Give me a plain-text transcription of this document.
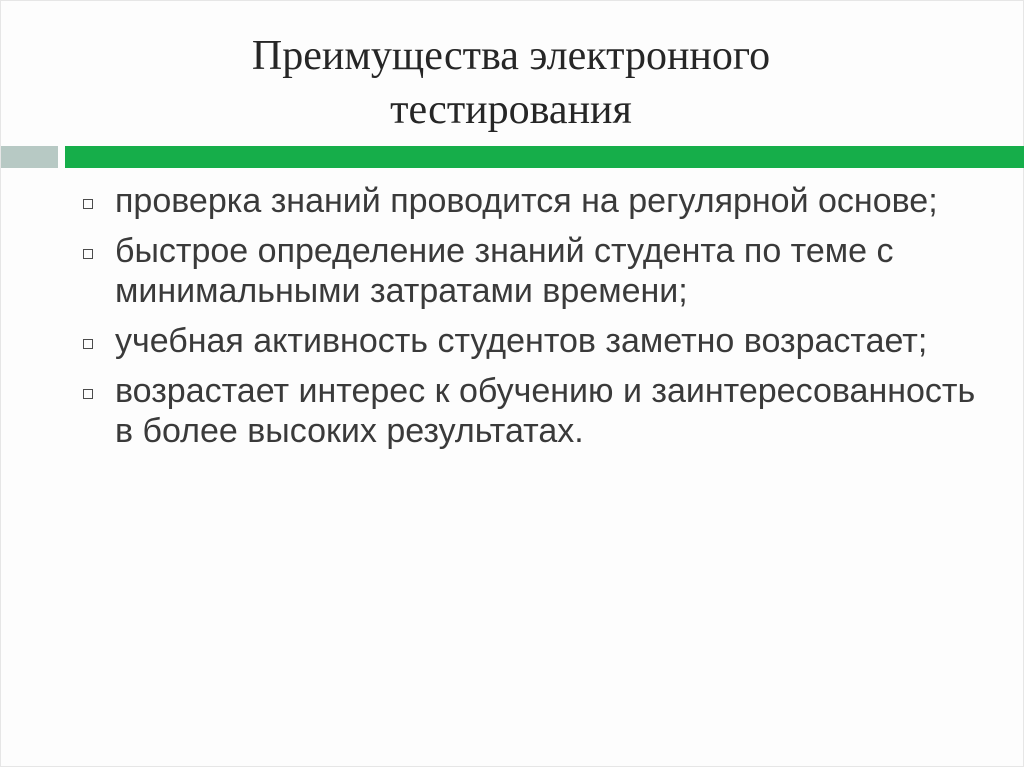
Преимущества электронного
тестирования
проверка знаний проводится на регулярной основе;
быстрое определение знаний студента по теме с минимальными затратами времени;
учебная активность студентов заметно возрастает;
возрастает интерес к обучению и заинтересованность в более высоких результатах.
